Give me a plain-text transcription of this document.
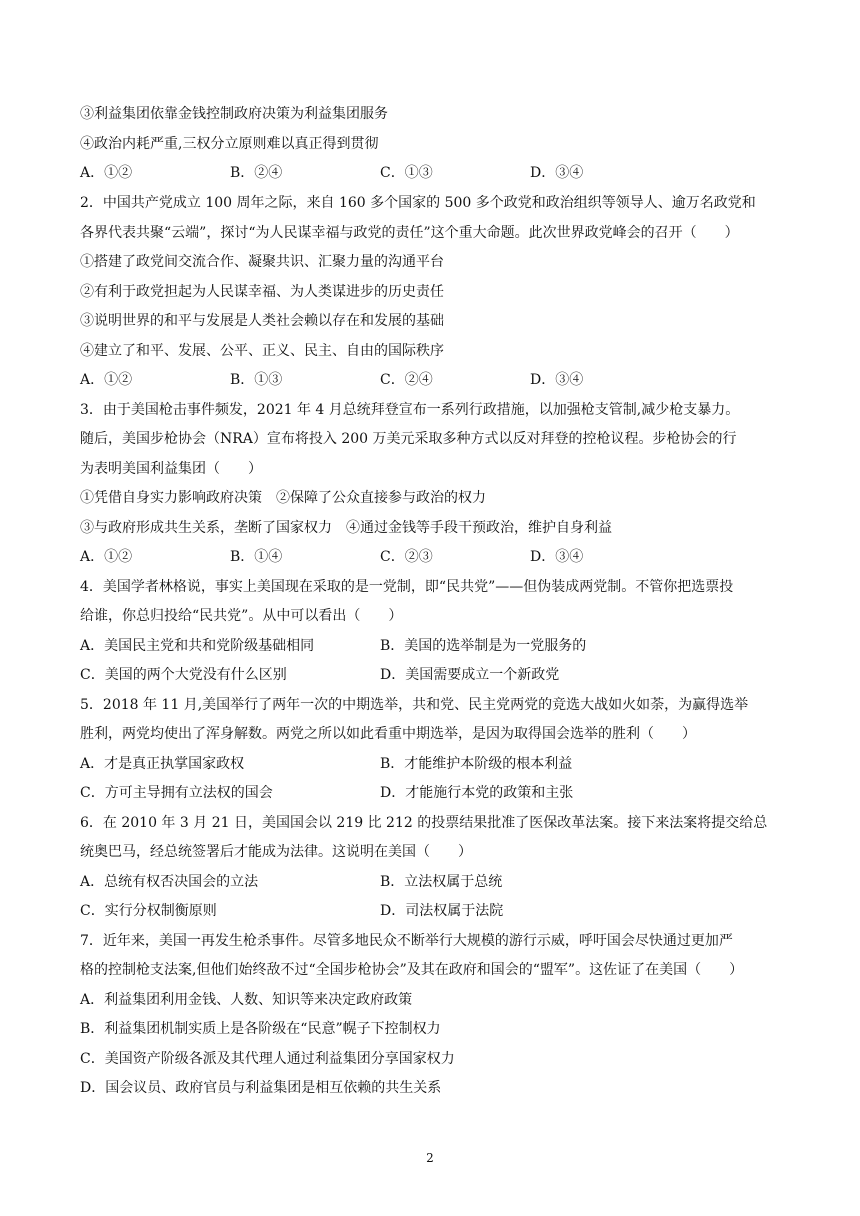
③利益集团依靠金钱控制政府决策为利益集团服务
④政治内耗严重,三权分立原则难以真正得到贯彻
A．①②	B．②④	C．①③	D．③④
2．中国共产党成立 100 周年之际，来自 160 多个国家的 500 多个政党和政治组织等领导人、逾万名政党和
各界代表共聚“云端”，探讨“为人民谋幸福与政党的责任”这个重大命题。此次世界政党峰会的召开（　　）
①搭建了政党间交流合作、凝聚共识、汇聚力量的沟通平台
②有利于政党担起为人民谋幸福、为人类谋进步的历史责任
③说明世界的和平与发展是人类社会赖以存在和发展的基础
④建立了和平、发展、公平、正义、民主、自由的国际秩序
A．①②	B．①③	C．②④	D．③④
3．由于美国枪击事件频发，2021 年 4 月总统拜登宣布一系列行政措施，以加强枪支管制,减少枪支暴力。
随后，美国步枪协会（NRA）宣布将投入 200 万美元采取多种方式以反对拜登的控枪议程。步枪协会的行
为表明美国利益集团（　　）
①凭借自身实力影响政府决策　②保障了公众直接参与政治的权力
③与政府形成共生关系，垄断了国家权力　④通过金钱等手段干预政治，维护自身利益
A．①②	B．①④	C．②③	D．③④
4．美国学者林格说，事实上美国现在采取的是一党制，即“民共党”——但伪装成两党制。不管你把选票投
给谁，你总归投给“民共党”。从中可以看出（　　）
A．美国民主党和共和党阶级基础相同	B．美国的选举制是为一党服务的
C．美国的两个大党没有什么区别	D．美国需要成立一个新政党
5．2018 年 11 月,美国举行了两年一次的中期选举，共和党、民主党两党的竞选大战如火如荼，为赢得选举
胜利，两党均使出了浑身解数。两党之所以如此看重中期选举，是因为取得国会选举的胜利（　　）
A．才是真正执掌国家政权	B．才能维护本阶级的根本利益
C．方可主导拥有立法权的国会	D．才能施行本党的政策和主张
6．在 2010 年 3 月 21 日，美国国会以 219 比 212 的投票结果批准了医保改革法案。接下来法案将提交给总
统奥巴马，经总统签署后才能成为法律。这说明在美国（　　）
A．总统有权否决国会的立法	B．立法权属于总统
C．实行分权制衡原则	D．司法权属于法院
7．近年来，美国一再发生枪杀事件。尽管多地民众不断举行大规模的游行示威，呼吁国会尽快通过更加严
格的控制枪支法案,但他们始终敌不过“全国步枪协会”及其在政府和国会的“盟军”。这佐证了在美国（　　）
A．利益集团利用金钱、人数、知识等来决定政府政策
B．利益集团机制实质上是各阶级在“民意”幌子下控制权力
C．美国资产阶级各派及其代理人通过利益集团分享国家权力
D．国会议员、政府官员与利益集团是相互依赖的共生关系
2
